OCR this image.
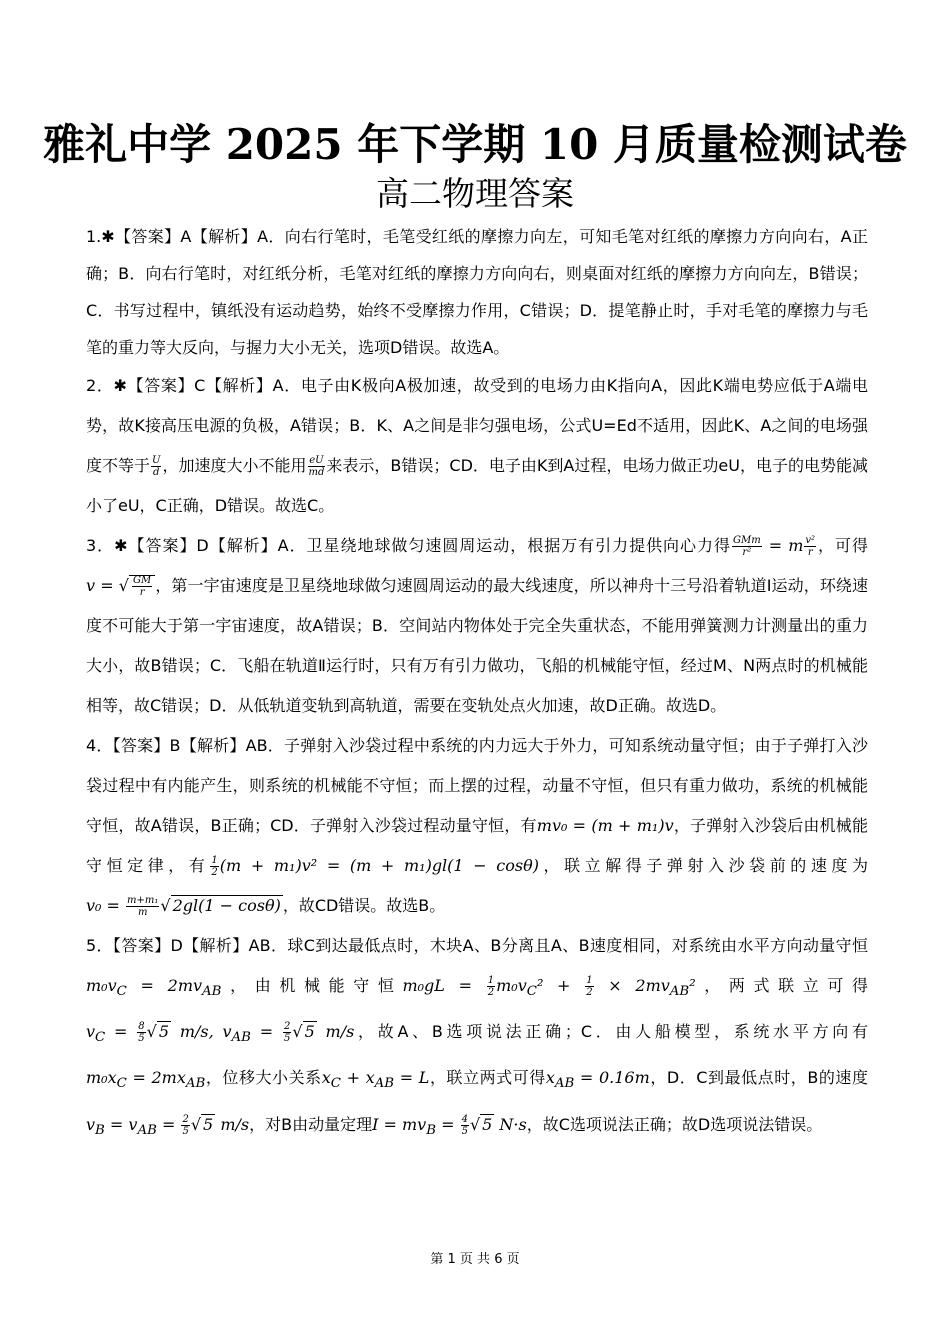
雅礼中学 2025 年下学期 10 月质量检测试卷
高二物理答案

1.✱【答案】A【解析】A．向右行笔时，毛笔受红纸的摩擦力向左，可知毛笔对红纸的摩擦力方向向右，A正确；B．向右行笔时，对红纸分析，毛笔对红纸的摩擦力方向向右，则桌面对红纸的摩擦力方向向左，B错误；C．书写过程中，镇纸没有运动趋势，始终不受摩擦力作用，C错误；D．提笔静止时，手对毛笔的摩擦力与毛笔的重力等大反向，与握力大小无关，选项D错误。故选A。

2．✱【答案】C【解析】A．电子由K极向A极加速，故受到的电场力由K指向A，因此K端电势应低于A端电势，故K接高压电源的负极，A错误；B．K、A之间是非匀强电场，公式U=Ed不适用，因此K、A之间的电场强度不等于 $\frac{U}{d}$ ，加速度大小不能用 $\frac{eU}{md}$ 来表示，B错误；CD．电子由K到A过程，电场力做正功eU，电子的电势能减小了eU，C正确，D错误。故选C。

3．✱【答案】D【解析】A．卫星绕地球做匀速圆周运动，根据万有引力提供向心力得 $\frac{\text{GMm}}{\text{r²}} = m \frac{\text{v²}}{r}$ ，可得v = √ $\frac{GM}{r}$ ，第一宇宙速度是卫星绕地球做匀速圆周运动的最大线速度，所以神舟十三号沿着轨道Ⅰ运动，环绕速度不可能大于第一宇宙速度，故A错误；B．空间站内物体处于完全失重状态，不能用弹簧测力计测量出的重力大小，故B错误；C．飞船在轨道Ⅱ运行时，只有万有引力做功，飞船的机械能守恒，经过M、N两点时的机械能相等，故C错误；D．从低轨道变轨到高轨道，需要在变轨处点火加速，故D正确。故选D。

4．【答案】B【解析】AB．子弹射入沙袋过程中系统的内力远大于外力，可知系统动量守恒；由于子弹打入沙袋过程中有内能产生，则系统的机械能不守恒；而上摆的过程，动量不守恒，但只有重力做功，系统的机械能守恒，故A错误，B正确；CD．子弹射入沙袋过程动量守恒，有mv₀ = (m + m₁)v，子弹射入沙袋后由机械能守恒定律，有 $\frac{1}{2} (m + m_1)v^2 = (m + m_1)gl(1 - \cos\theta)$，联立解得子弹射入沙袋前的速度为$v_0 = \frac{\text{m+m₁}}{m}$ √ 2gl(1 − cosθ) ，故CD错误。故选B。

5．【答案】D【解析】AB．球C到达最低点时，木块A、B分离且A、B速度相同，对系统由水平方向动量守恒$m_0v_C = 2mv_{AB}$，由机械能守恒$m_0gL = \frac{1}{2} m_0v_C^2 + \frac{1}{2} \times 2mv_{AB}^2$，两式联立可得$v_C = \frac{8}{5}$ √ 5 m/s, $v_{AB} = \frac{2}{5}$ √ 5 m/s，故A、B选项说法正确；C．由人船模型，系统水平方向有$m_0x_C = 2mx_{AB}$，位移大小关系$x_C + x_{AB} = L$，联立两式可得$x_{AB} = 0.16m$，D．C到最低点时，B的速度$v_B = v_{AB} = \frac{2}{5}$ √ 5 m/s，对B由动量定理$I = mv_B = \frac{4}{5}$ √ 5 N·s，故C选项说法正确；故D选项说法错误。

第 1 页 共 6 页
